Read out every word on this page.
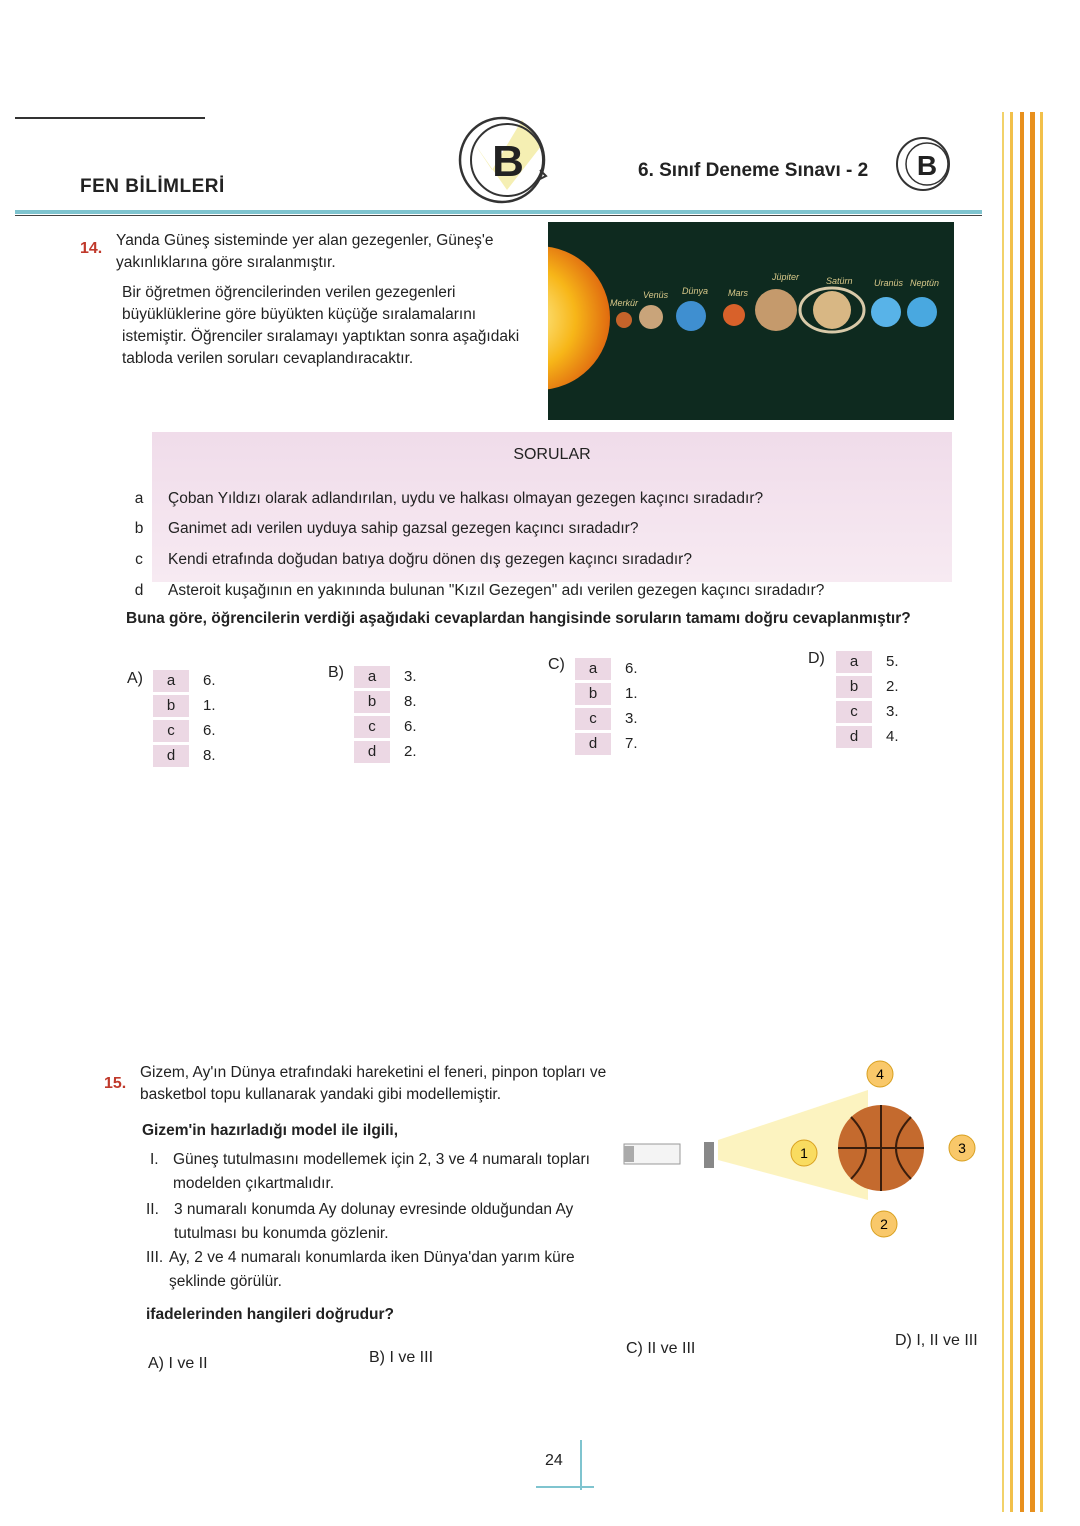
FEN BİLİMLERİ
B	6. Sınıf Deneme Sınavı - 2 B
14. Yanda Güneş sisteminde yer alan gezegenler, Güneş'e yakınlıklarına göre sıralanmıştır.
Bir öğretmen öğrencilerinden verilen gezegenleri büyüklüklerine göre büyükten küçüğe sıralamalarını istemiştir. Öğrenciler sıralamayı yaptıktan sonra aşağıdaki tabloda verilen soruları cevaplandıracaktır.
Merkür
Venüs Dünya Mars
Jüpiter	Satürn Uranüs Neptün
SORULAR
a	Çoban Yıldızı olarak adlandırılan, uydu ve halkası olmayan gezegen kaçıncı sıradadır?
b	Ganimet adı verilen uyduya sahip gazsal gezegen kaçıncı sıradadır?
c	Kendi etrafında doğudan batıya doğru dönen dış gezegen kaçıncı sıradadır?
d	Asteroit kuşağının en yakınında bulunan "Kızıl Gezegen" adı verilen gezegen kaçıncı sıradadır?
Buna göre, öğrencilerin verdiği aşağıdaki cevaplardan hangisinde soruların tamamı doğru cevaplanmıştır?
A)	a	6.
b	1.
c	6.
d	8.
B)	a	3.
b	8.
c	6.
d	2.
C)	a	6.
b	1.
c	3.
d	7.
D)	a	5.
b	2.
c	3.
d	4.
15.
Gizem, Ay'ın Dünya etrafındaki hareketini el feneri, pinpon topları ve basketbol topu kullanarak yandaki gibi modellemiştir.
Gizem'in hazırladığı model ile ilgili,
I. Güneş tutulmasını modellemek için 2, 3 ve 4 numaralı topları modelden çıkartmalıdır.
II. 3 numaralı konumda Ay dolunay evresinde olduğundan Ay tutulması bu konumda gözlenir.
III. Ay, 2 ve 4 numaralı konumlarda iken Dünya'dan yarım küre şeklinde görülür.
ifadelerinden hangileri doğrudur?
1
4
3
2
A) I ve II	B) I ve III
C) II ve III	D) I, II ve III
24
